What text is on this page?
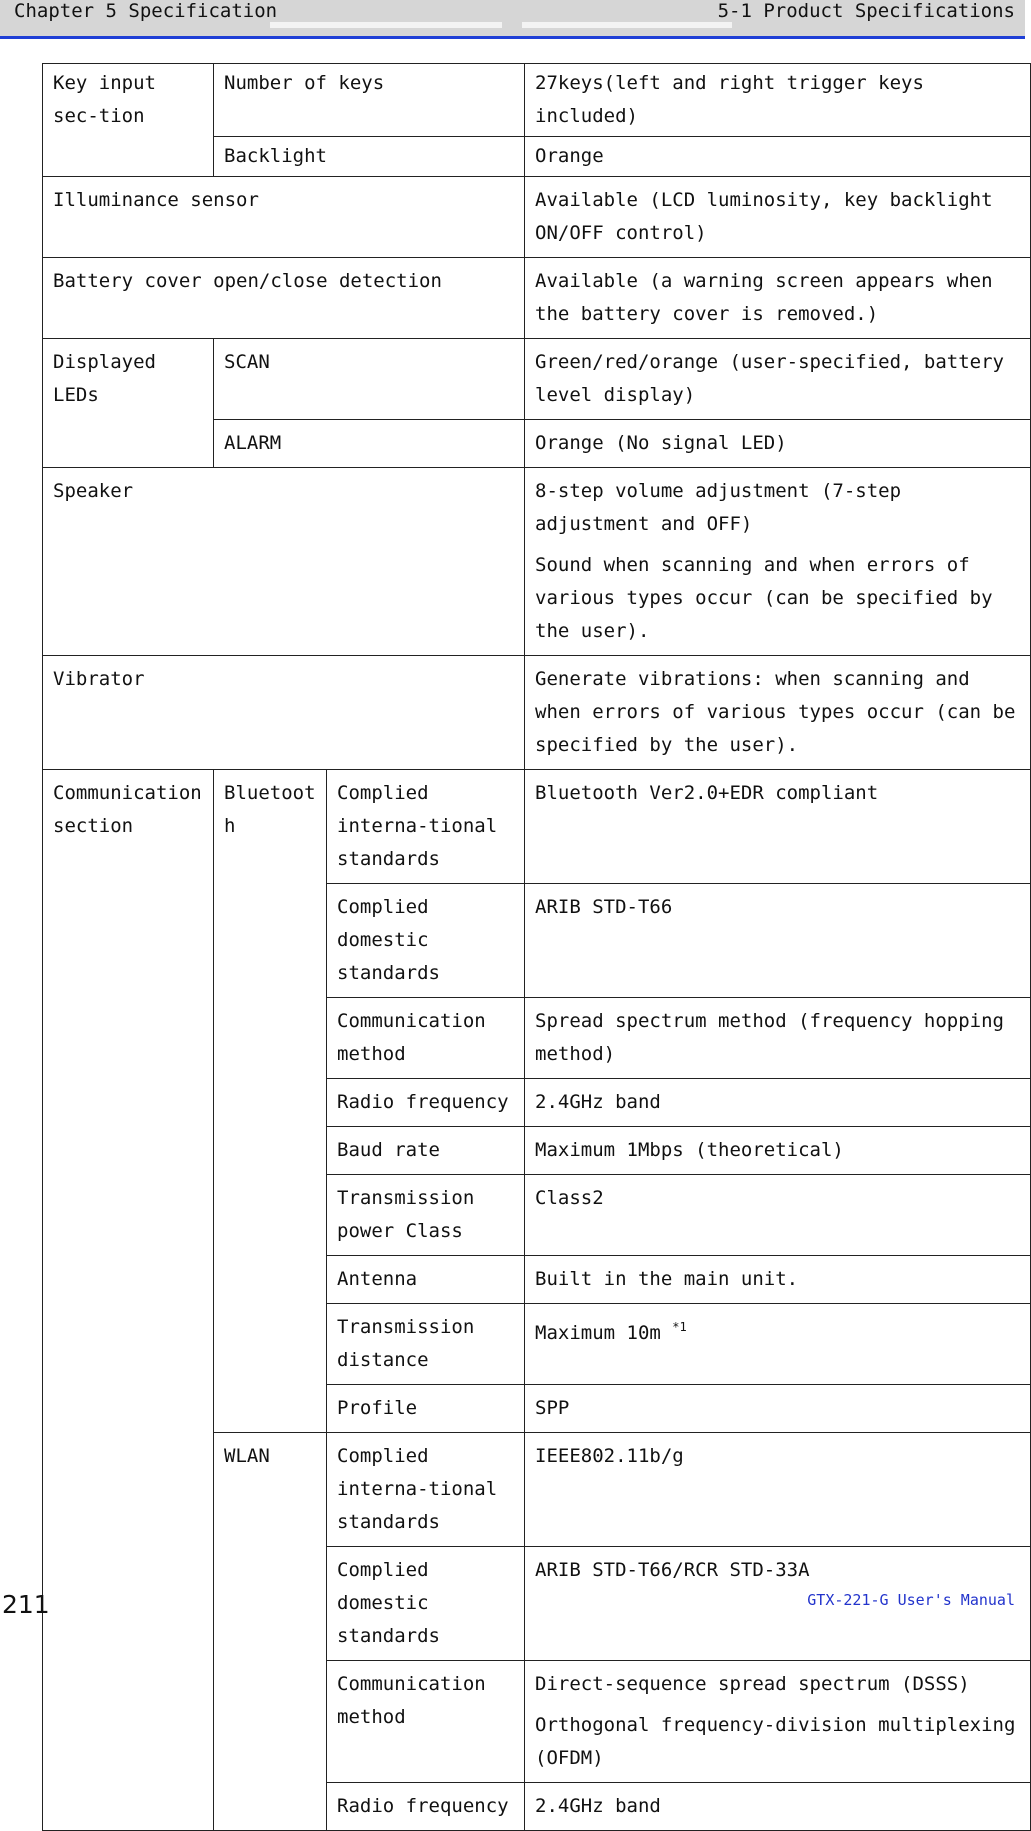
Chapter 5 Specification	5-1 Product Specifications
Key input sec-tion	Number of keys		27keys(left and right trigger keys included)
	Backlight		Orange
Illuminance sensor			Available (LCD luminosity, key backlight ON/OFF control)
Battery cover open/close detection			Available (a warning screen appears when the battery cover is removed.)
Displayed LEDs	SCAN		Green/red/orange (user-specified, battery level display)
	ALARM		Orange (No signal LED)
Speaker			8-step volume adjustment (7-step adjustment and OFF)

Sound when scanning and when errors of various types occur (can be specified by the user).

Vibrator			Generate vibrations: when scanning and when errors of various types occur (can be specified by the user).
Communication section	Bluetooth	Complied interna-tional standards	Bluetooth Ver2.0+EDR compliant
		Complied domestic standards	ARIB STD-T66
		Communication method	Spread spectrum method (frequency hopping method)
		Radio frequency	2.4GHz band
		Baud rate	Maximum 1Mbps (theoretical)
		Transmission power Class	Class2
		Antenna	Built in the main unit.
		Transmission distance	Maximum 10m $^{*1}$
		Profile	SPP
	WLAN	Complied interna-tional standards	IEEE802.11b/g
		Complied domestic standards	ARIB STD-T66/RCR STD-33A
		Communication method	Direct-sequence spread spectrum (DSSS)

Orthogonal frequency-division multiplexing (OFDM)

		Radio frequency	2.4GHz band
211	GTX-221-G User's Manual
